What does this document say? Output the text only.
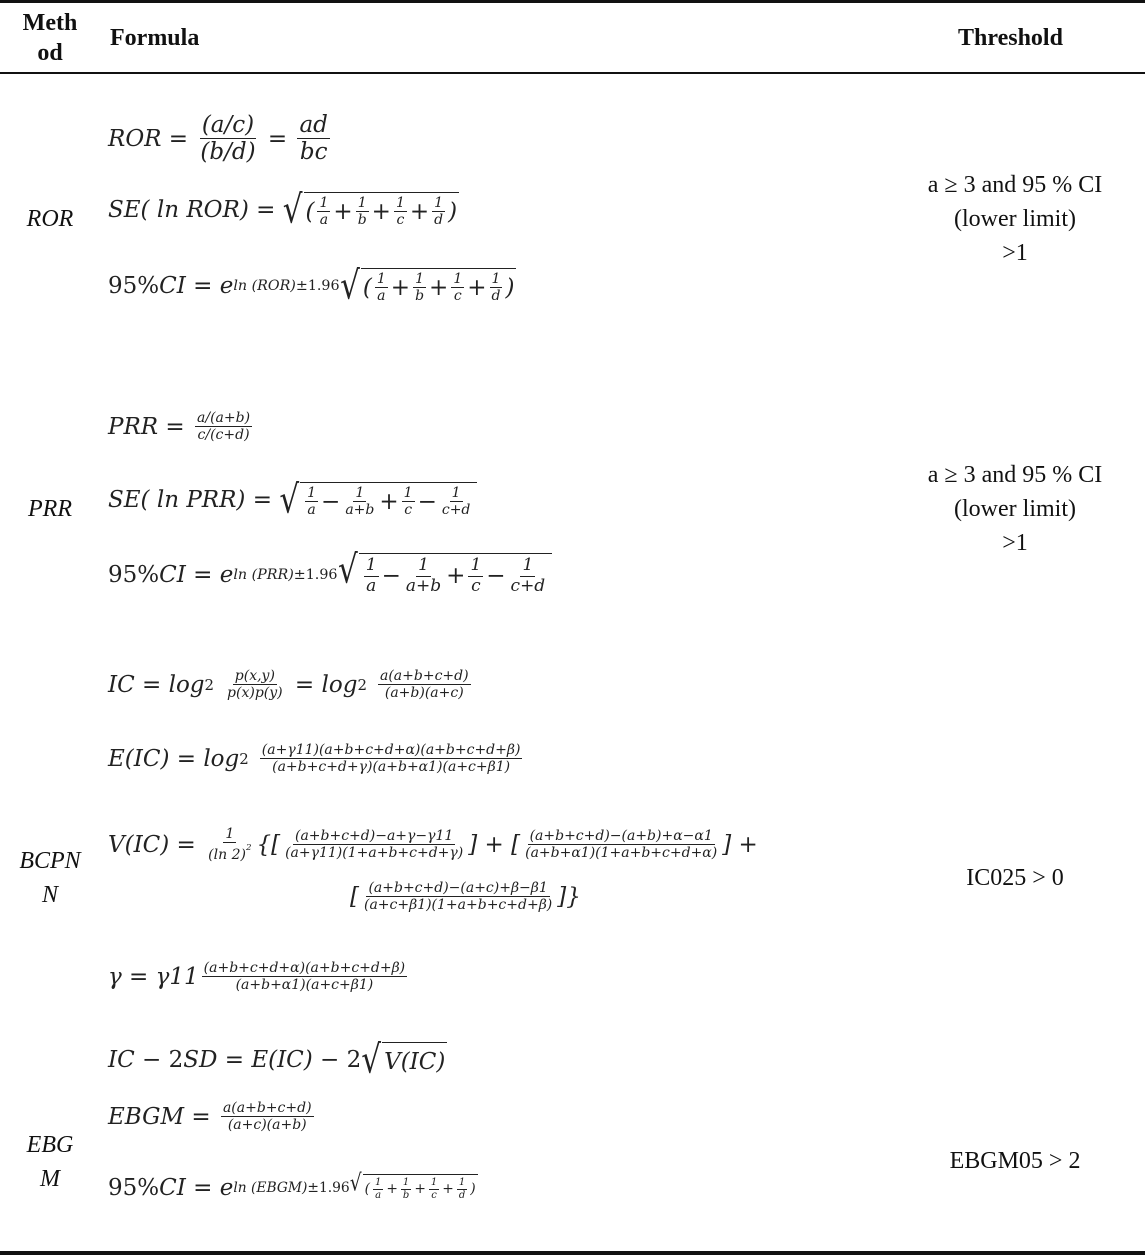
Meth
od
Formula	Threshold
ROR
ROR = $\frac{(a/c)}{(b/d)} = \frac{ad}{bc}$
SE(
ln ROR) = √ ( 1
a + 1
b + 1
c + 1
d )
95% CI = e ln (ROR) ±1.96
√ ( 1
a + 1
b + 1
c + 1
d )
a ≥ 3 and 95 % CI
(lower limit)
>1
PRR
PRR = $\frac{a/(a+b)}{c/(c+d)}$
SE(
ln PRR) = √ 1
a − 1
a+b + 1
c − 1
c+d
95% CI = e ln (PRR) ±1.96
√ 1
a − 1
a+b + 1
c − 1
c+d
a ≥ 3 and 95 % CI
(lower limit)
>1
BCPN
N
IC = $\log 2 \frac{p(x,y)}{p(x)p(y)} = \log 2$ a(a+b+c+d)
(a+b)(a+c)
E(IC) = log 2 (a+γ11)(a+b+c+d+α)(a+b+c+d+β)
(a+b+c+d+γ)(a+b+α1)(a+c+β1)
$V(IC) = \frac{1}{(\ln 2)^2}$ {[ (a+b+c+d)−a+γ−γ11
(a+γ11)(1+a+b+c+d+γ) ] + [ $\frac{(a+b+c+d)-(a+b)+\alpha-\alpha 1}{(a+b+\alpha 1)(1+a+b+c+d+\alpha)}$ ] +
[ (a+b+c+d)−(a+c)+β−β1
(a+c+β1)(1+a+b+c+d+β) ]}
$\gamma = \gamma 11 \frac{(a+b+c+d+\alpha)(a+b+c+d+\beta)}{(a+b+\alpha 1)(a+c+\beta 1)}$
IC − 2 SD = E(IC) − 2 √ V(IC)
IC025 > 0
EBG
M
EBGM = $\frac{a(a+b+c+d)}{(a+c)(a+b)}$
95% CI = e ln (EBGM) ±1.96 √ ( 1
a + 1
b + 1
c + 1
d )
EBGM05 > 2
